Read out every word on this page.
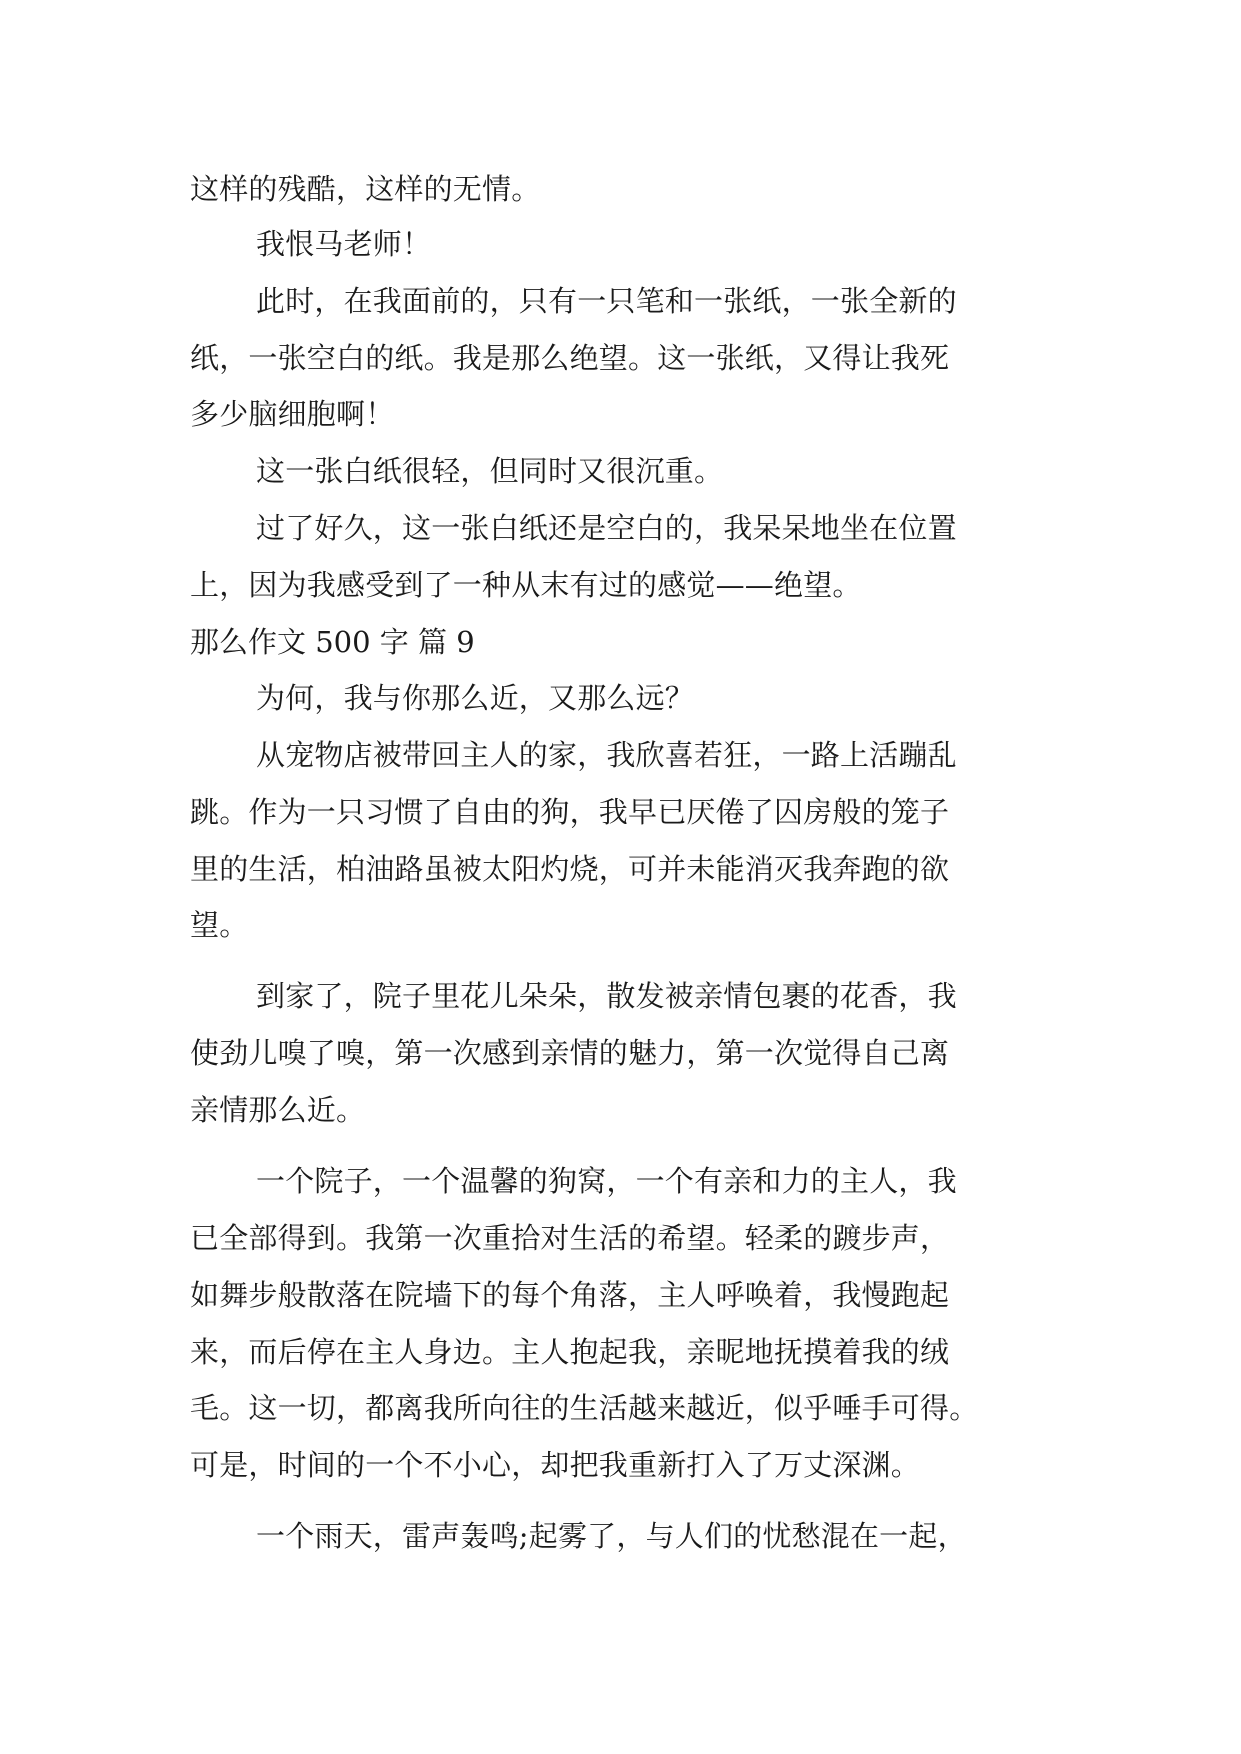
这样的残酷，这样的无情。
我恨马老师！
此时，在我面前的，只有一只笔和一张纸，一张全新的
纸，一张空白的纸。我是那么绝望。这一张纸，又得让我死
多少脑细胞啊！
这一张白纸很轻，但同时又很沉重。
过了好久，这一张白纸还是空白的，我呆呆地坐在位置
上，因为我感受到了一种从末有过的感觉——绝望。
那么作文 500 字 篇 9
为何，我与你那么近，又那么远？
从宠物店被带回主人的家，我欣喜若狂，一路上活蹦乱
跳。作为一只习惯了自由的狗，我早已厌倦了囚房般的笼子
里的生活，柏油路虽被太阳灼烧，可并未能消灭我奔跑的欲
望。
到家了，院子里花儿朵朵，散发被亲情包裹的花香，我
使劲儿嗅了嗅，第一次感到亲情的魅力，第一次觉得自己离
亲情那么近。
一个院子，一个温馨的狗窝，一个有亲和力的主人，我
已全部得到。我第一次重拾对生活的希望。轻柔的踱步声，
如舞步般散落在院墙下的每个角落，主人呼唤着，我慢跑起
来，而后停在主人身边。主人抱起我，亲昵地抚摸着我的绒
毛。这一切，都离我所向往的生活越来越近，似乎唾手可得。
可是，时间的一个不小心，却把我重新打入了万丈深渊。
一个雨天，雷声轰鸣;起雾了，与人们的忧愁混在一起，
